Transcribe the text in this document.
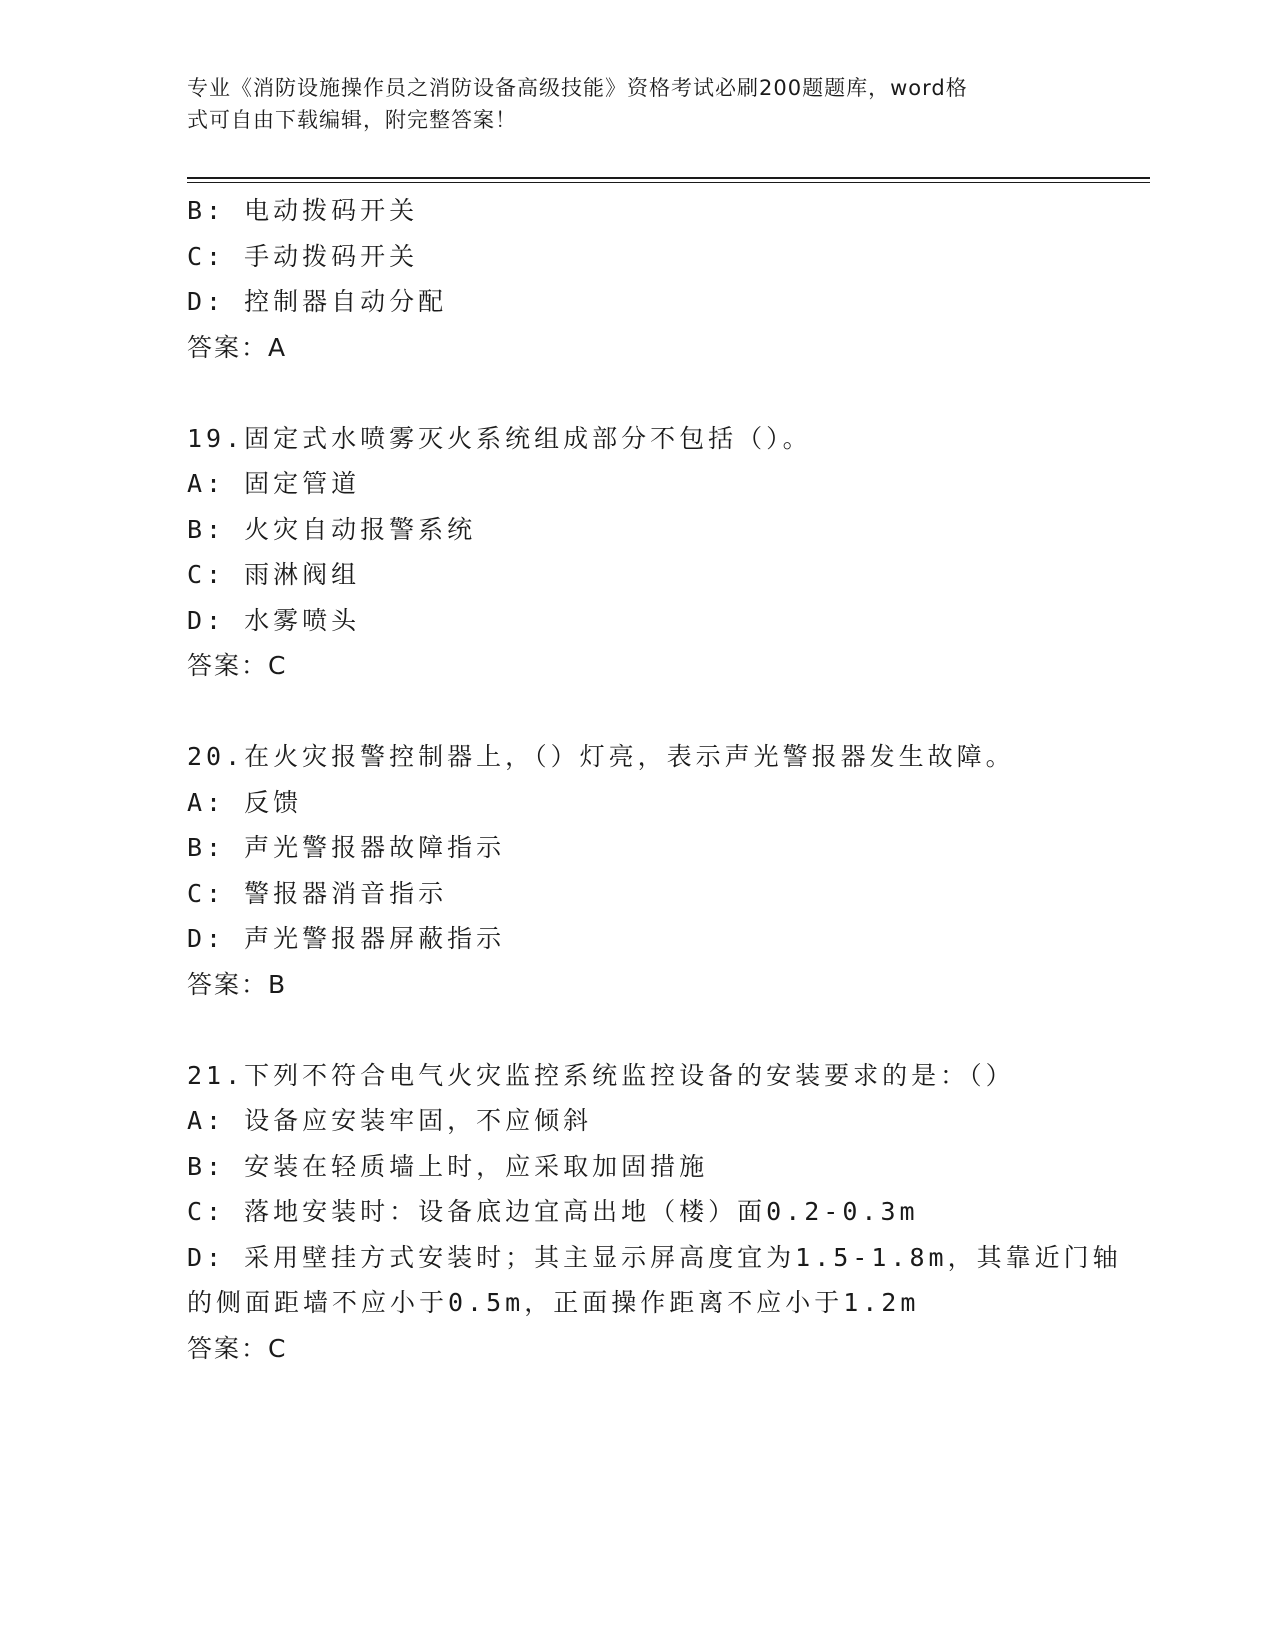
专业《消防设施操作员之消防设备高级技能》资格考试必刷200题题库，word格
式可自由下载编辑，附完整答案！
B: 电动拨码开关
C: 手动拨码开关
D: 控制器自动分配
答案：A
19.固定式水喷雾灭火系统组成部分不包括（）。
A: 固定管道
B: 火灾自动报警系统
C: 雨淋阀组
D: 水雾喷头
答案：C
20.在火灾报警控制器上，（）灯亮，表示声光警报器发生故障。
A: 反馈
B: 声光警报器故障指示
C: 警报器消音指示
D: 声光警报器屏蔽指示
答案：B
21.下列不符合电气火灾监控系统监控设备的安装要求的是：（）
A: 设备应安装牢固，不应倾斜
B: 安装在轻质墙上时，应采取加固措施
C: 落地安装时：设备底边宜高出地（楼）面0.2-0.3m
D: 采用壁挂方式安装时；其主显示屏高度宜为1.5-1.8m，其靠近门轴
的侧面距墙不应小于0.5m，正面操作距离不应小于1.2m
答案：C
